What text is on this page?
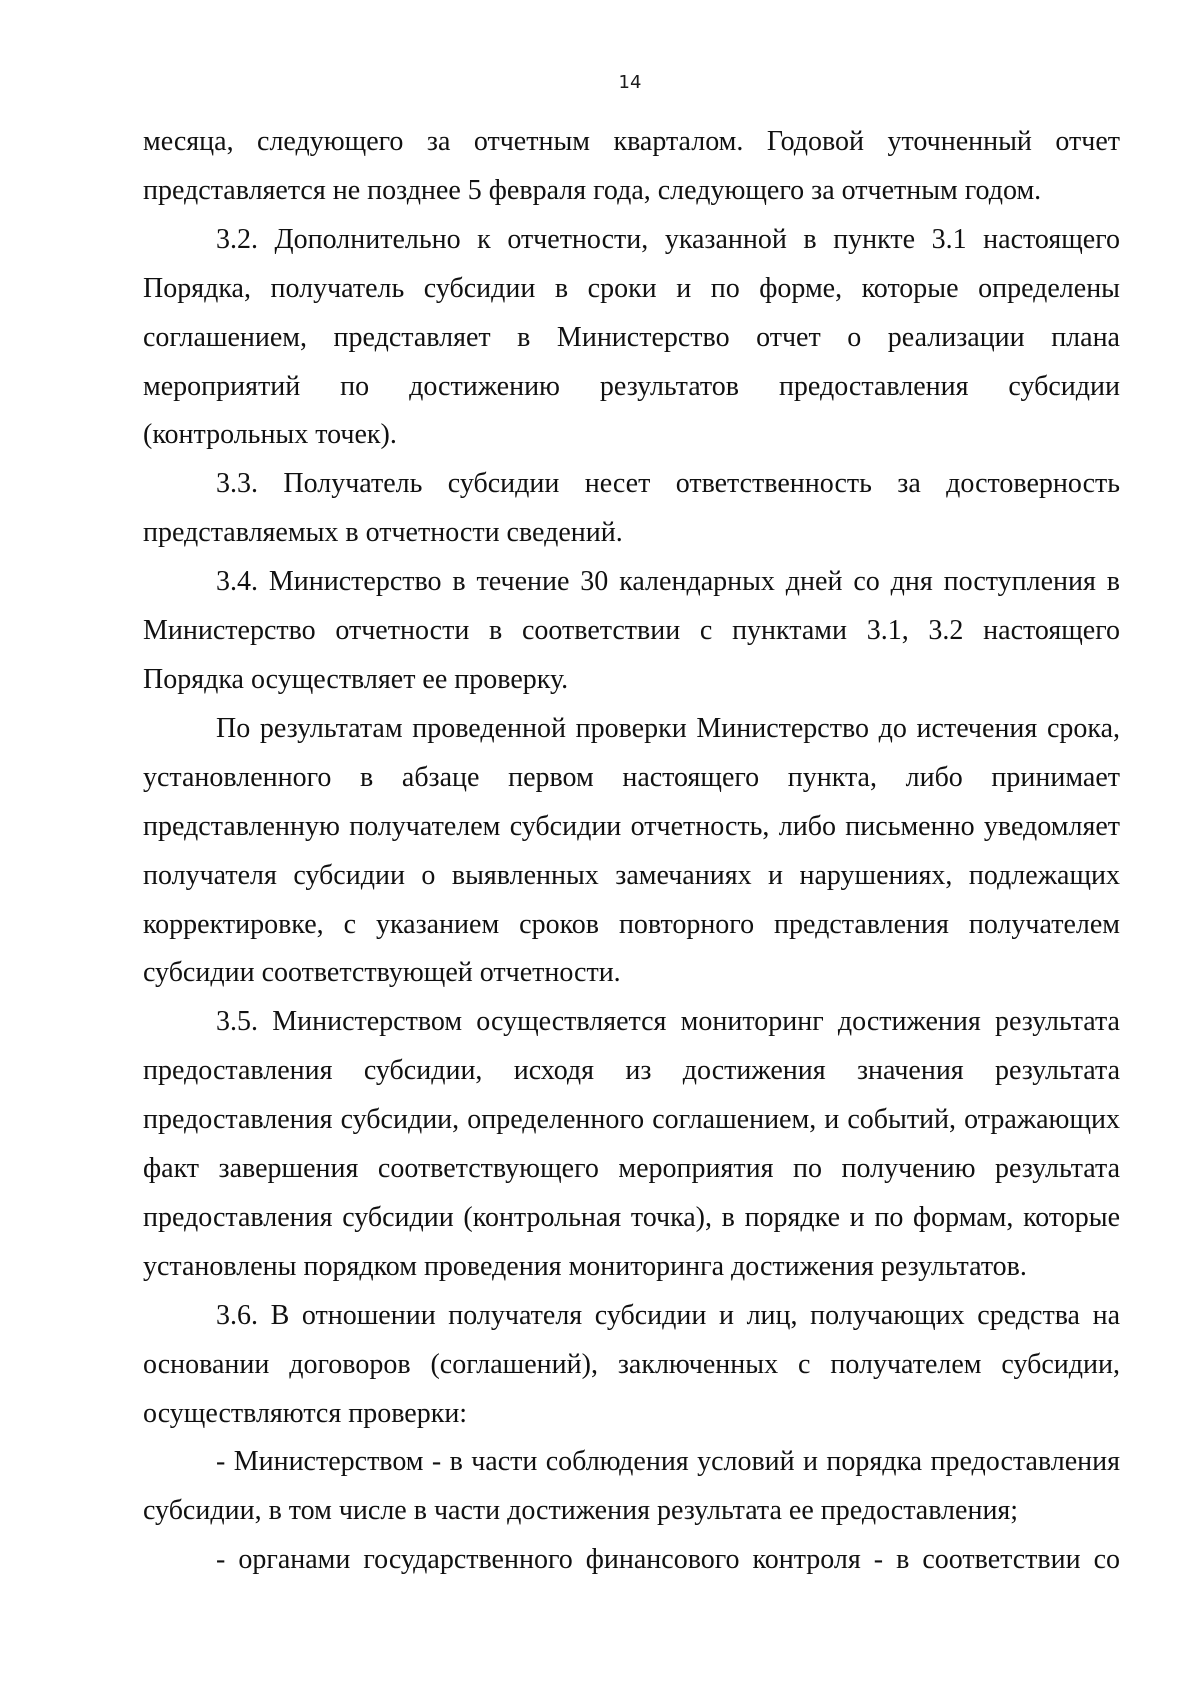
14

месяца, следующего за отчетным кварталом. Годовой уточненный отчет представляется не позднее 5 февраля года, следующего за отчетным годом.

3.2. Дополнительно к отчетности, указанной в пункте 3.1 настоящего Порядка, получатель субсидии в сроки и по форме, которые определены соглашением, представляет в Министерство отчет о реализации плана мероприятий по достижению результатов предоставления субсидии (контрольных точек).

3.3. Получатель субсидии несет ответственность за достоверность представляемых в отчетности сведений.

3.4. Министерство в течение 30 календарных дней со дня поступления в Министерство отчетности в соответствии с пунктами 3.1, 3.2 настоящего Порядка осуществляет ее проверку.

По результатам проведенной проверки Министерство до истечения срока, установленного в абзаце первом настоящего пункта, либо принимает представленную получателем субсидии отчетность, либо письменно уведомляет получателя субсидии о выявленных замечаниях и нарушениях, подлежащих корректировке, с указанием сроков повторного представления получателем субсидии соответствующей отчетности.

3.5. Министерством осуществляется мониторинг достижения результата предоставления субсидии, исходя из достижения значения результата предоставления субсидии, определенного соглашением, и событий, отражающих факт завершения соответствующего мероприятия по получению результата предоставления субсидии (контрольная точка), в порядке и по формам, которые установлены порядком проведения мониторинга достижения результатов.

3.6. В отношении получателя субсидии и лиц, получающих средства на основании договоров (соглашений), заключенных с получателем субсидии, осуществляются проверки:

- Министерством - в части соблюдения условий и порядка предоставления субсидии, в том числе в части достижения результата ее предоставления;

- органами государственного финансового контроля - в соответствии со
